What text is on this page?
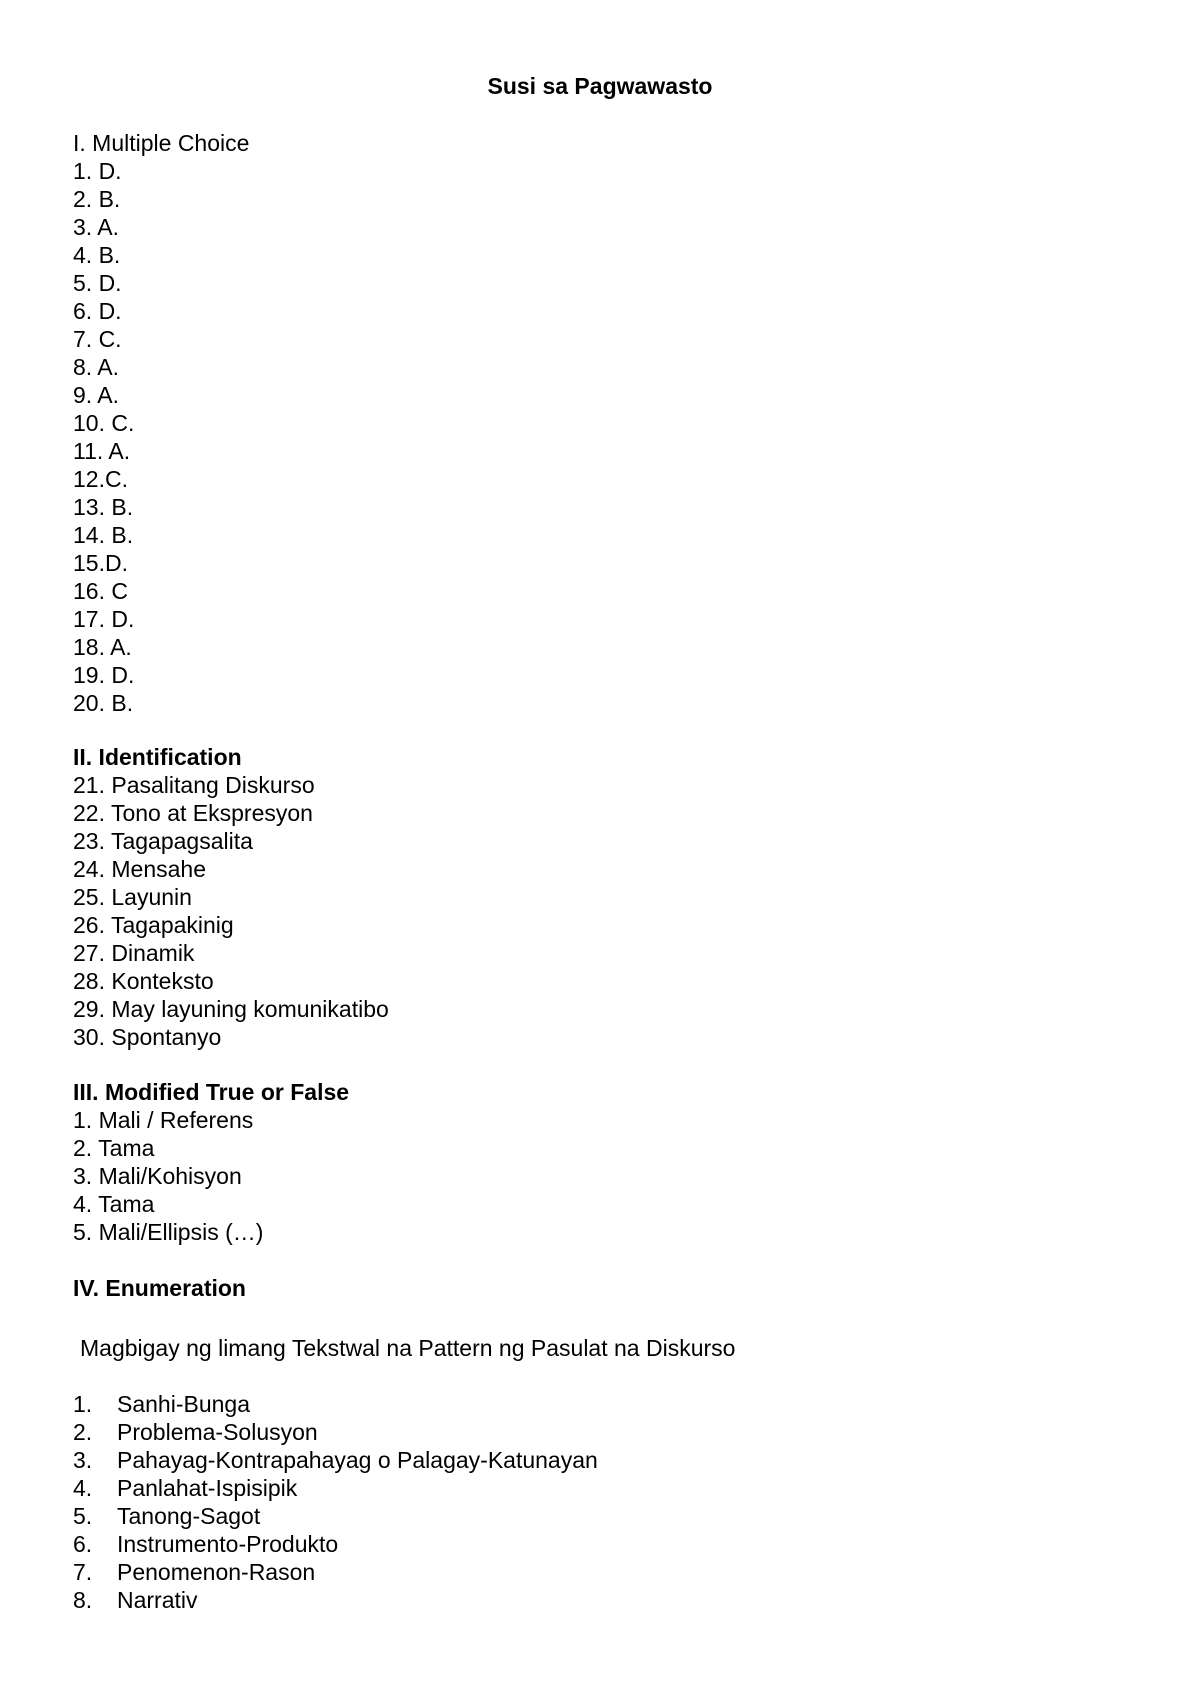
Susi sa Pagwawasto
I. Multiple Choice
1. D.
2. B.
3. A.
4. B.
5. D.
6. D.
7. C.
8. A.
9. A.
10. C.
11. A.
12.C.
13. B.
14. B.
15.D.
16. C
17. D.
18. A.
19. D.
20. B.
II. Identification
21. Pasalitang Diskurso
22. Tono at Ekspresyon
23. Tagapagsalita
24. Mensahe
25. Layunin
26. Tagapakinig
27. Dinamik
28. Konteksto
29. May layuning komunikatibo
30. Spontanyo
III. Modified True or False
1. Mali / Referens
2. Tama
3. Mali/Kohisyon
4. Tama
5. Mali/Ellipsis (…)
IV. Enumeration
Magbigay ng limang Tekstwal na Pattern ng Pasulat na Diskurso
1.	Sanhi-Bunga
2.	Problema-Solusyon
3.	Pahayag-Kontrapahayag o Palagay-Katunayan
4.	Panlahat-Ispisipik
5.	Tanong-Sagot
6.	Instrumento-Produkto
7.	Penomenon-Rason
8.	Narrativ
